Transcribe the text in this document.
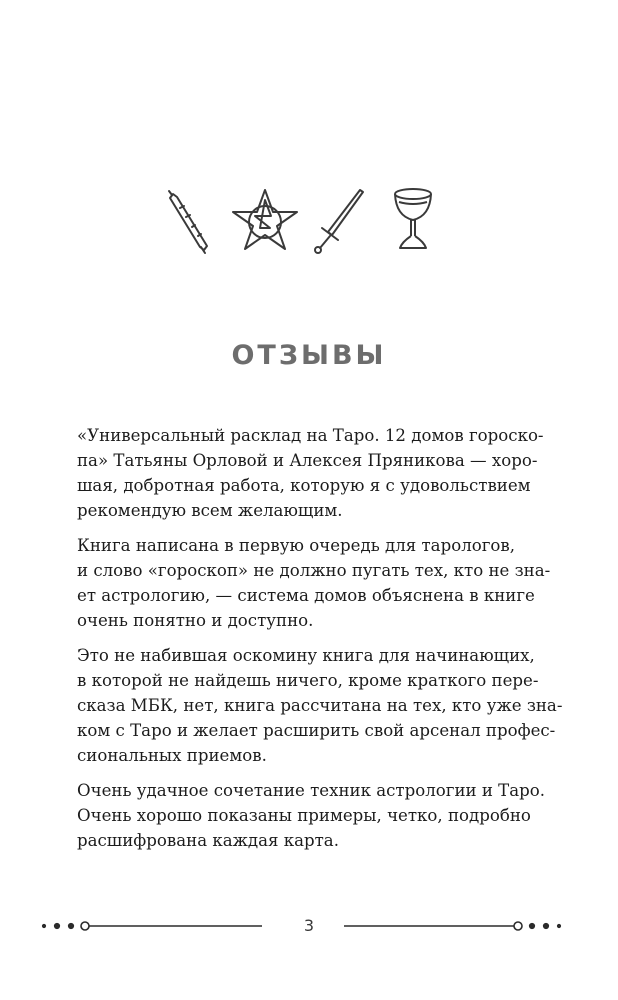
ОТЗЫВЫ

«Универсальный расклад на Таро. 12 домов гороско-
па» Татьяны Орловой и Алексея Пряникова — хоро-
шая, добротная работа, которую я с удовольствием
рекомендую всем желающим.

Книга написана в первую очередь для тарологов,
и слово «гороскоп» не должно пугать тех, кто не зна-
ет астрологию, — система домов объяснена в книге
очень понятно и доступно.

Это не набившая оскомину книга для начинающих,
в которой не найдешь ничего, кроме краткого пере-
сказа МБК, нет, книга рассчитана на тех, кто уже зна-
ком с Таро и желает расширить свой арсенал профес-
сиональных приемов.

Очень удачное сочетание техник астрологии и Таро.
Очень хорошо показаны примеры, четко, подробно
расшифрована каждая карта.

3
